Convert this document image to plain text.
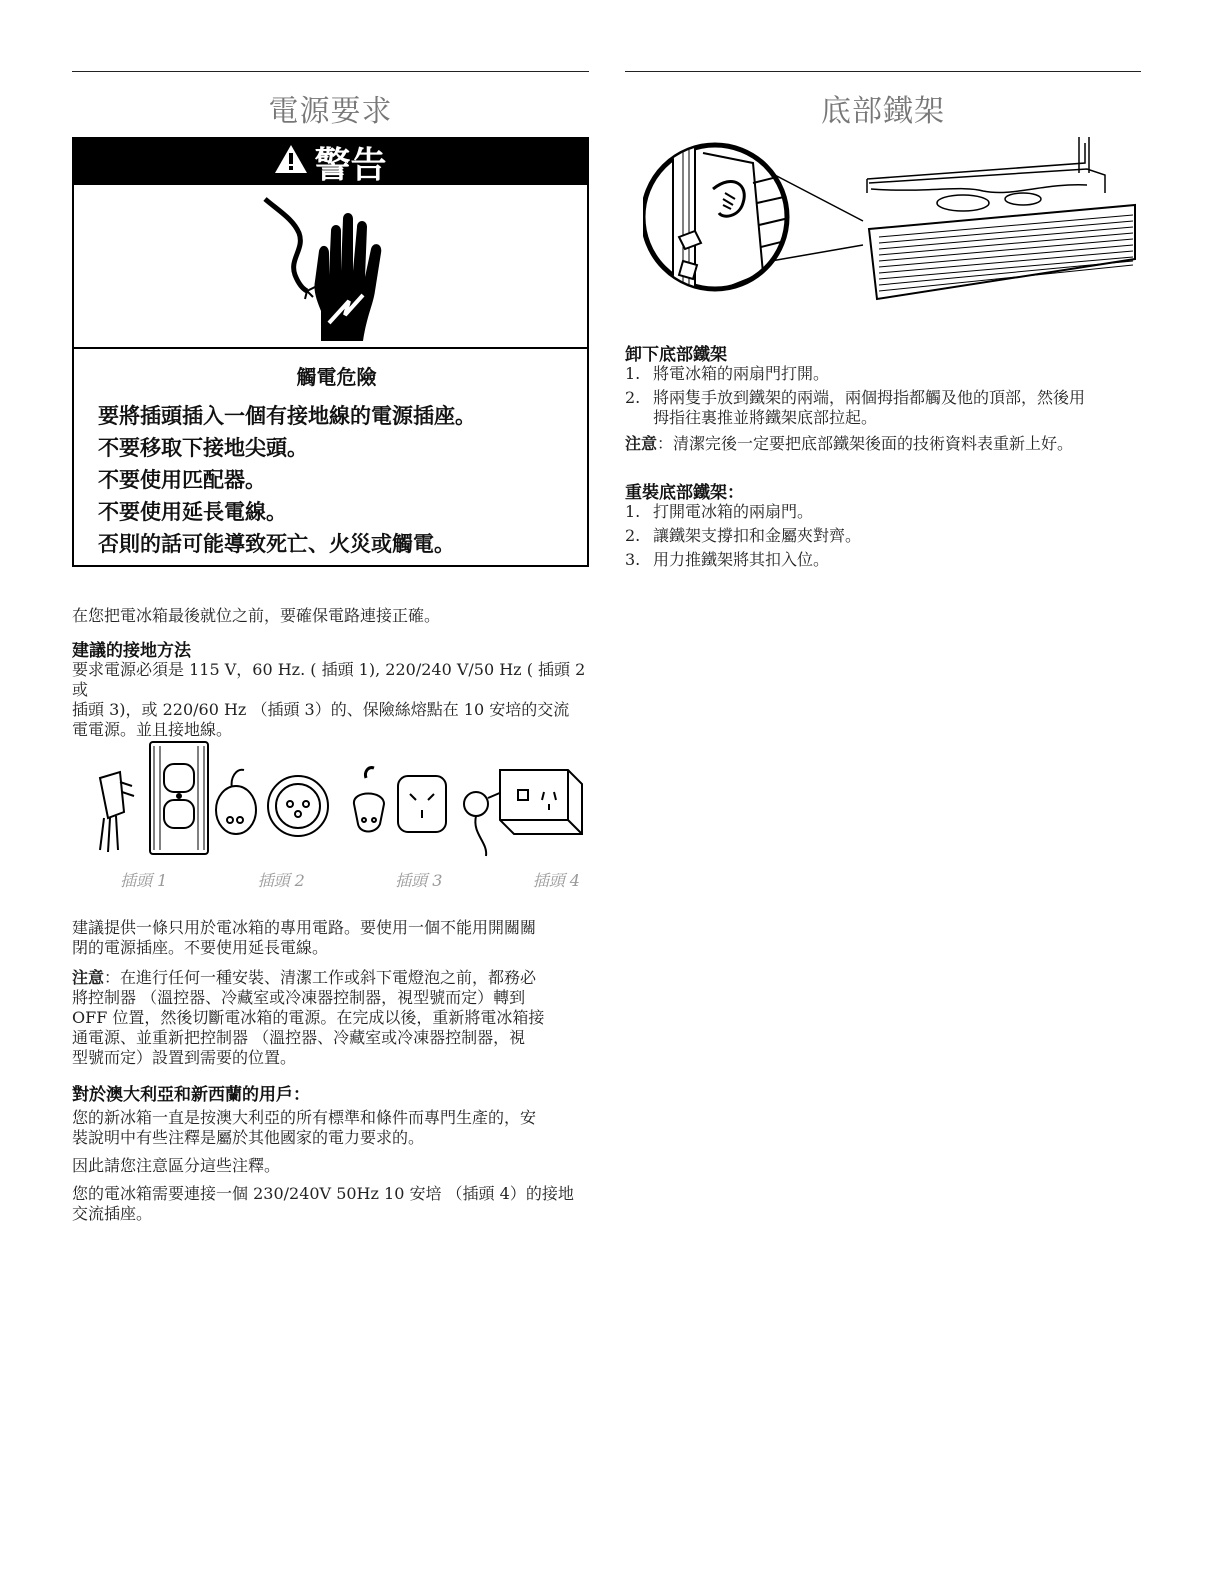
電源要求
警告
觸電危險
要將插頭插入一個有接地線的電源插座。
不要移取下接地尖頭。
不要使用匹配器。
不要使用延長電線。
否則的話可能導致死亡、火災或觸電。
在您把電冰箱最後就位之前，要確保電路連接正確。
建議的接地方法
要求電源必須是 115 V，60 Hz. ( 插頭 1), 220/240 V/50 Hz ( 插頭 2 或
插頭 3)，或 220/60 Hz （插頭 3）的、保險絲熔點在 10 安培的交流
電電源。並且接地線。
插頭 1	插頭 2	插頭 3	插頭 4
建議提供一條只用於電冰箱的專用電路。要使用一個不能用開關關
閉的電源插座。不要使用延長電線。
注意：在進行任何一種安裝、清潔工作或斜下電燈泡之前，都務必
將控制器 （溫控器、冷藏室或冷凍器控制器，視型號而定）轉到
OFF 位置，然後切斷電冰箱的電源。在完成以後，重新將電冰箱接
通電源、並重新把控制器 （溫控器、冷藏室或冷凍器控制器，視
型號而定）設置到需要的位置。
對於澳大利亞和新西蘭的用戶：
您的新冰箱一直是按澳大利亞的所有標準和條件而專門生產的，安
裝說明中有些注釋是屬於其他國家的電力要求的。
因此請您注意區分這些注釋。
您的電冰箱需要連接一個 230/240V 50Hz 10 安培 （插頭 4）的接地
交流插座。
底部鐵架
卸下底部鐵架
1. 將電冰箱的兩扇門打開。
2. 將兩隻手放到鐵架的兩端，兩個拇指都觸及他的頂部，然後用
拇指往裏推並將鐵架底部拉起。
注意：清潔完後一定要把底部鐵架後面的技術資料表重新上好。
重裝底部鐵架：
1. 打開電冰箱的兩扇門。
2. 讓鐵架支撐扣和金屬夾對齊。
3. 用力推鐵架將其扣入位。
